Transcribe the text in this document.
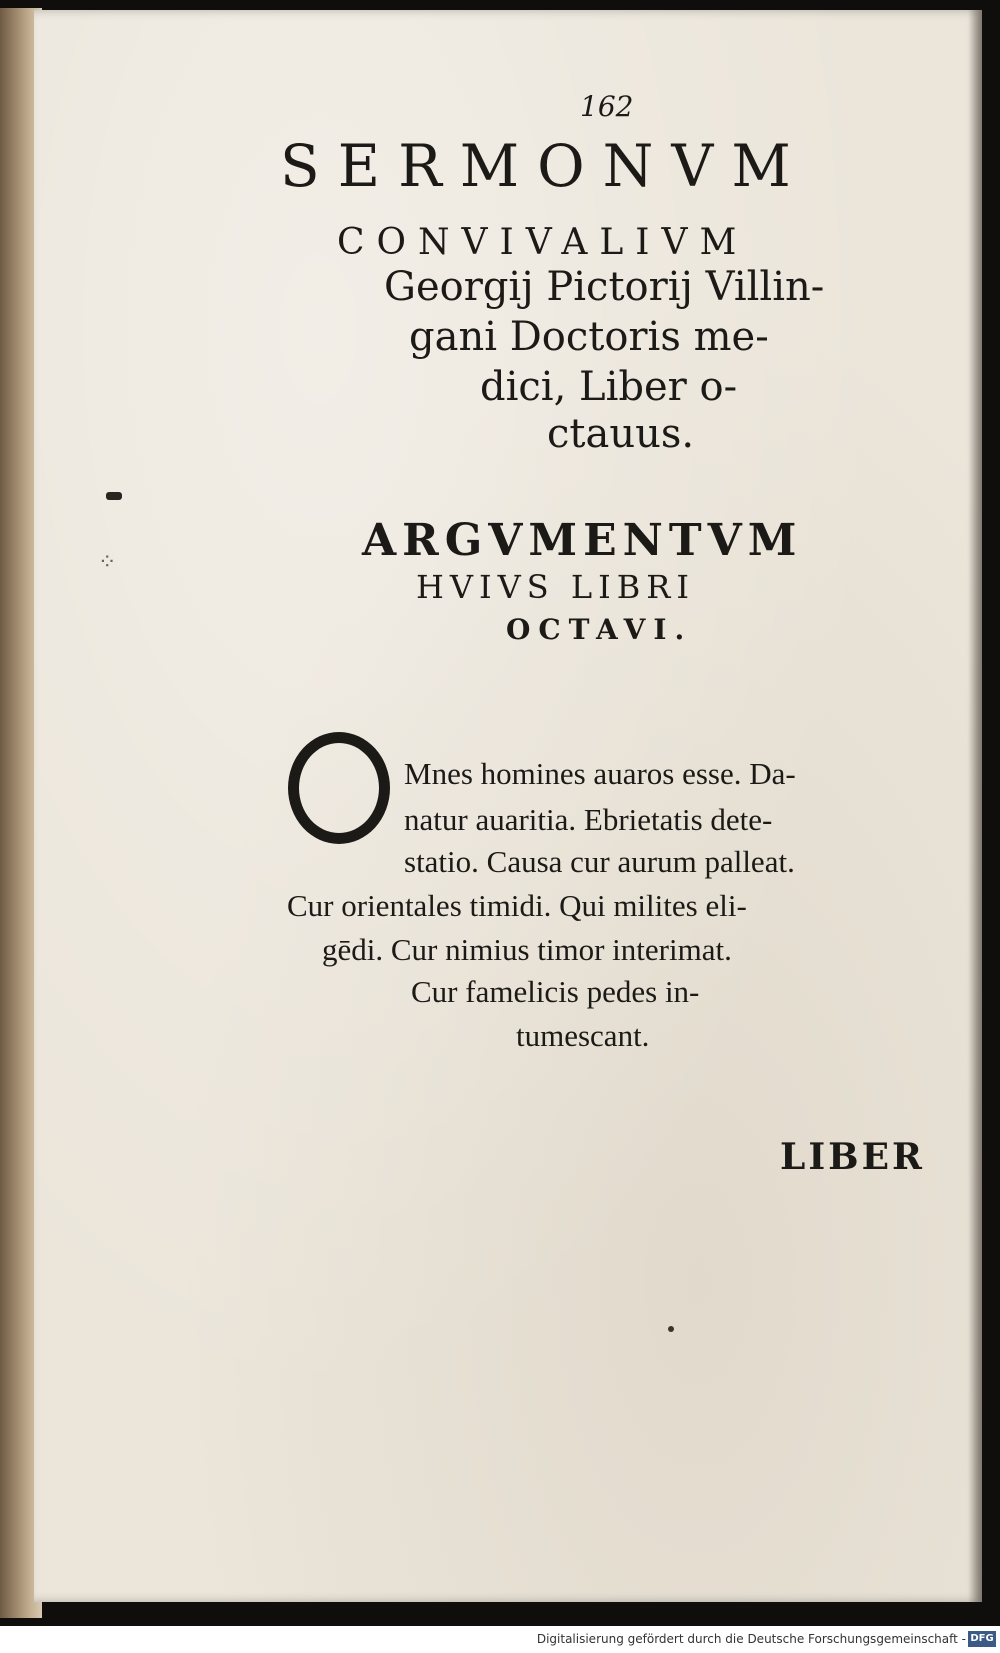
162
SERMONVM
CONVIVALIVM
Georgij Pictorij Villin-
gani Doctoris me-
dici, Liber o-
ctauus.
ARGVMENTVM
HVIVS LIBRI
OCTAVI.
Mnes homines auaros esse. Da-
natur auaritia. Ebrietatis dete-
statio. Causa cur aurum palleat.
Cur orientales timidi. Qui milites eli-
gēdi. Cur nimius timor interimat.
Cur famelicis pedes in-
tumescant.
LIBER
⁘
Digitalisierung gefördert durch die Deutsche Forschungsgemeinschaft - DFG
